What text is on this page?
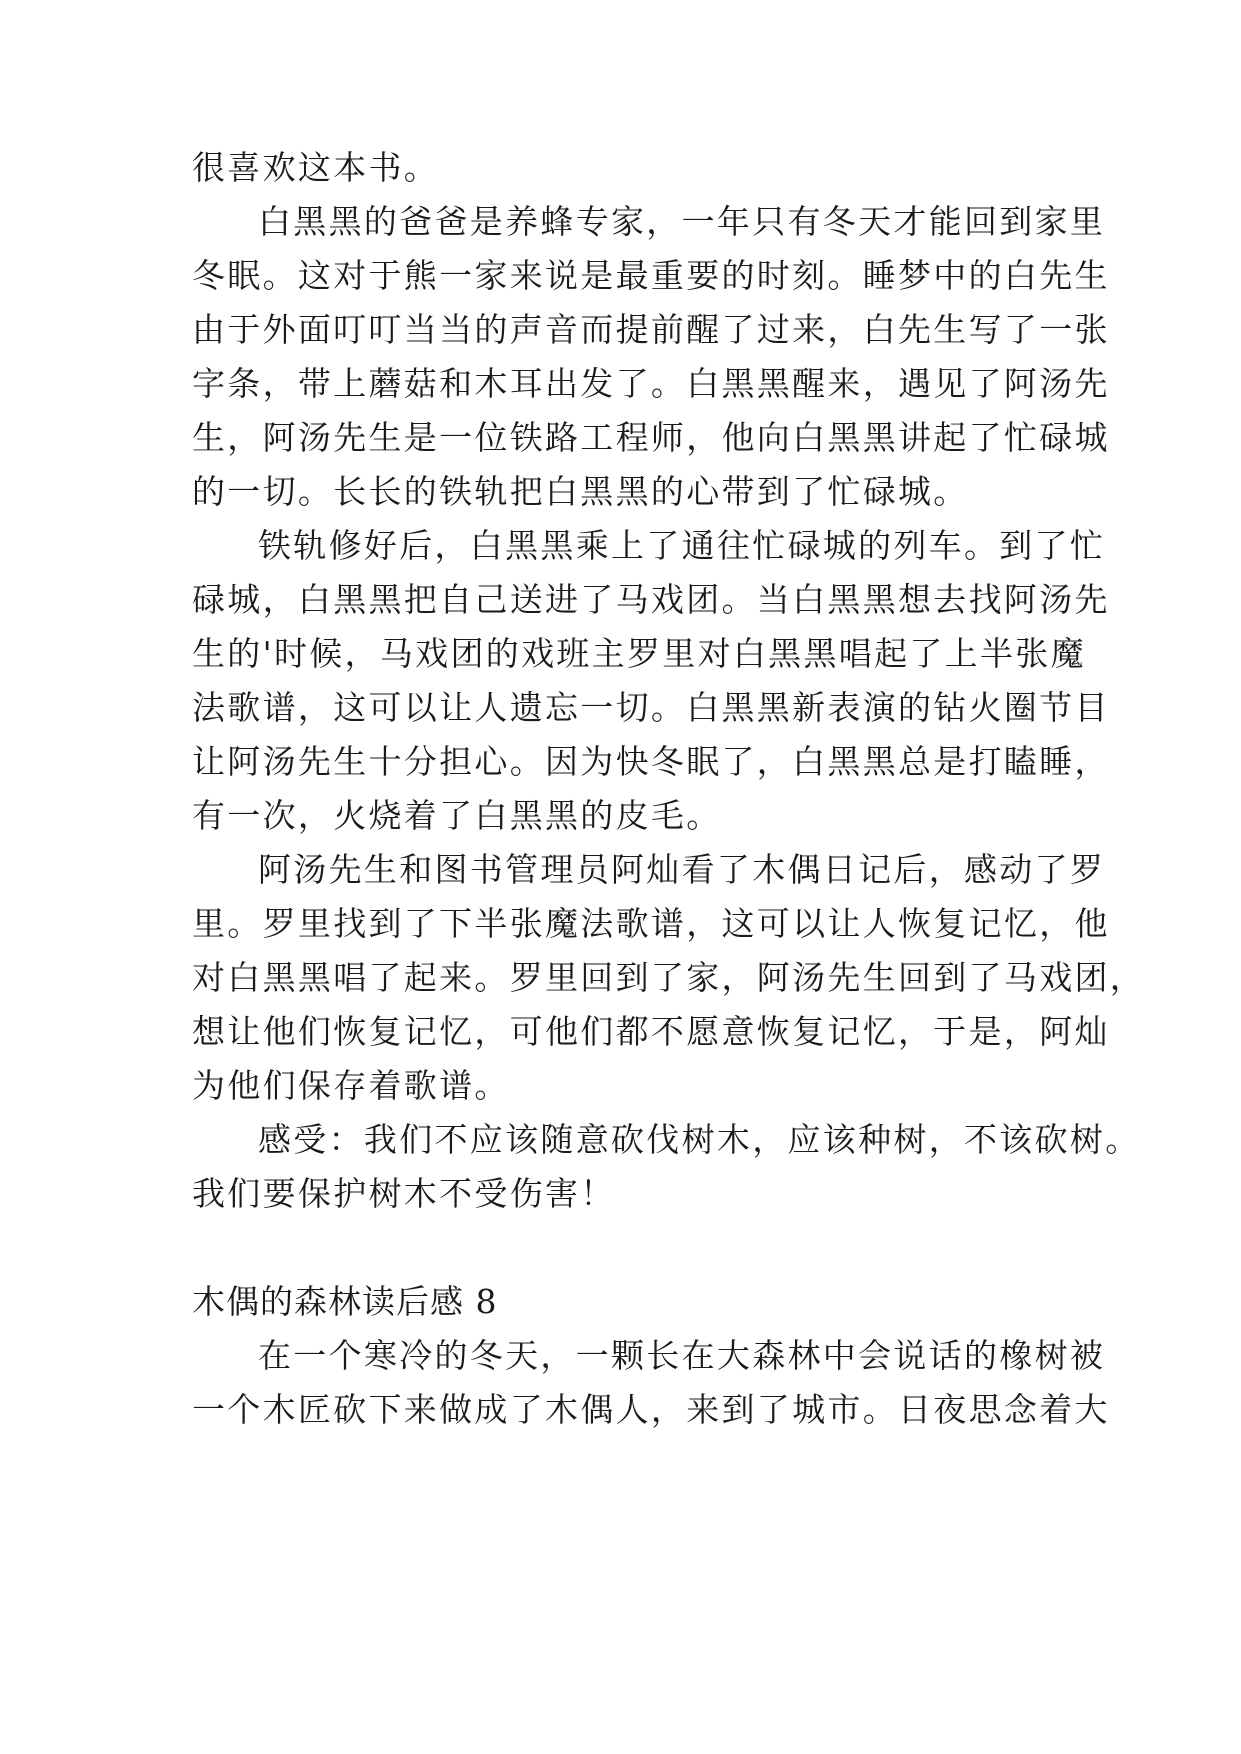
很喜欢这本书。
白黑黑的爸爸是养蜂专家，一年只有冬天才能回到家里
冬眠。这对于熊一家来说是最重要的时刻。睡梦中的白先生
由于外面叮叮当当的声音而提前醒了过来，白先生写了一张
字条，带上蘑菇和木耳出发了。白黑黑醒来，遇见了阿汤先
生，阿汤先生是一位铁路工程师，他向白黑黑讲起了忙碌城
的一切。长长的铁轨把白黑黑的心带到了忙碌城。
铁轨修好后，白黑黑乘上了通往忙碌城的列车。到了忙
碌城，白黑黑把自己送进了马戏团。当白黑黑想去找阿汤先
生的'时候，马戏团的戏班主罗里对白黑黑唱起了上半张魔
法歌谱，这可以让人遗忘一切。白黑黑新表演的钻火圈节目
让阿汤先生十分担心。因为快冬眠了，白黑黑总是打瞌睡，
有一次，火烧着了白黑黑的皮毛。
阿汤先生和图书管理员阿灿看了木偶日记后，感动了罗
里。罗里找到了下半张魔法歌谱，这可以让人恢复记忆，他
对白黑黑唱了起来。罗里回到了家，阿汤先生回到了马戏团，
想让他们恢复记忆，可他们都不愿意恢复记忆，于是，阿灿
为他们保存着歌谱。
感受：我们不应该随意砍伐树木，应该种树，不该砍树。
我们要保护树木不受伤害！
木偶的森林读后感 8
在一个寒冷的冬天，一颗长在大森林中会说话的橡树被
一个木匠砍下来做成了木偶人，来到了城市。日夜思念着大
